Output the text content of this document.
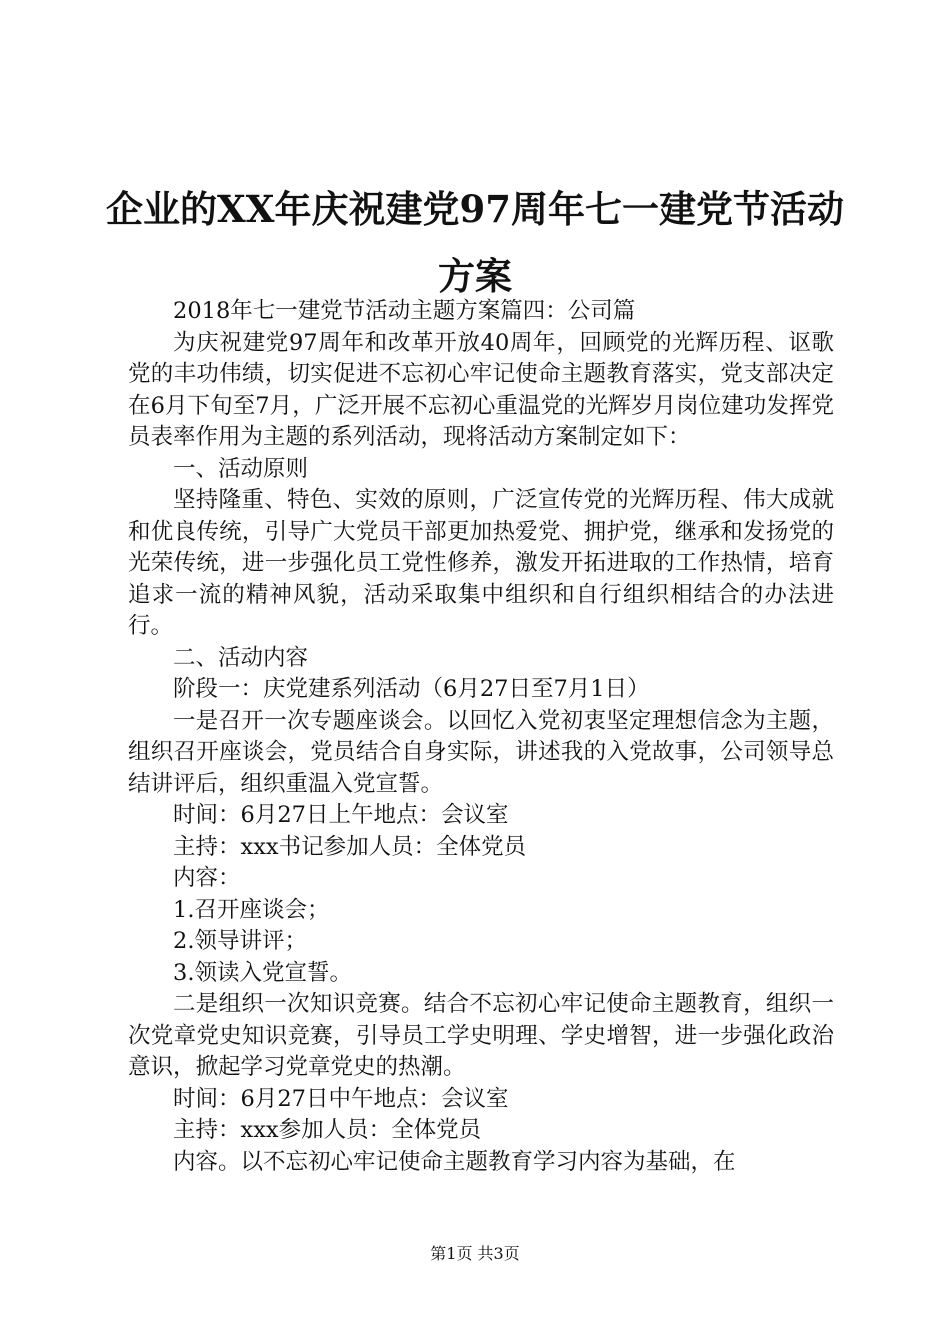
企业的XX年庆祝建党97周年七一建党节活动方案

2018年七一建党节活动主题方案篇四：公司篇

为庆祝建党97周年和改革开放40周年，回顾党的光辉历程、讴歌党的丰功伟绩，切实促进不忘初心牢记使命主题教育落实，党支部决定在6月下旬至7月，广泛开展不忘初心重温党的光辉岁月岗位建功发挥党员表率作用为主题的系列活动，现将活动方案制定如下：

一、活动原则

坚持隆重、特色、实效的原则，广泛宣传党的光辉历程、伟大成就和优良传统，引导广大党员干部更加热爱党、拥护党，继承和发扬党的光荣传统，进一步强化员工党性修养，激发开拓进取的工作热情，培育追求一流的精神风貌，活动采取集中组织和自行组织相结合的办法进行。

二、活动内容

阶段一：庆党建系列活动（6月27日至7月1日）

一是召开一次专题座谈会。以回忆入党初衷坚定理想信念为主题，组织召开座谈会，党员结合自身实际，讲述我的入党故事，公司领导总结讲评后，组织重温入党宣誓。

时间：6月27日上午地点：会议室

主持：xxx书记参加人员：全体党员

内容：

1.召开座谈会；

2.领导讲评；

3.领读入党宣誓。

二是组织一次知识竞赛。结合不忘初心牢记使命主题教育，组织一次党章党史知识竞赛，引导员工学史明理、学史增智，进一步强化政治意识，掀起学习党章党史的热潮。

时间：6月27日中午地点：会议室

主持：xxx参加人员：全体党员

内容。以不忘初心牢记使命主题教育学习内容为基础，在

第1页 共3页
